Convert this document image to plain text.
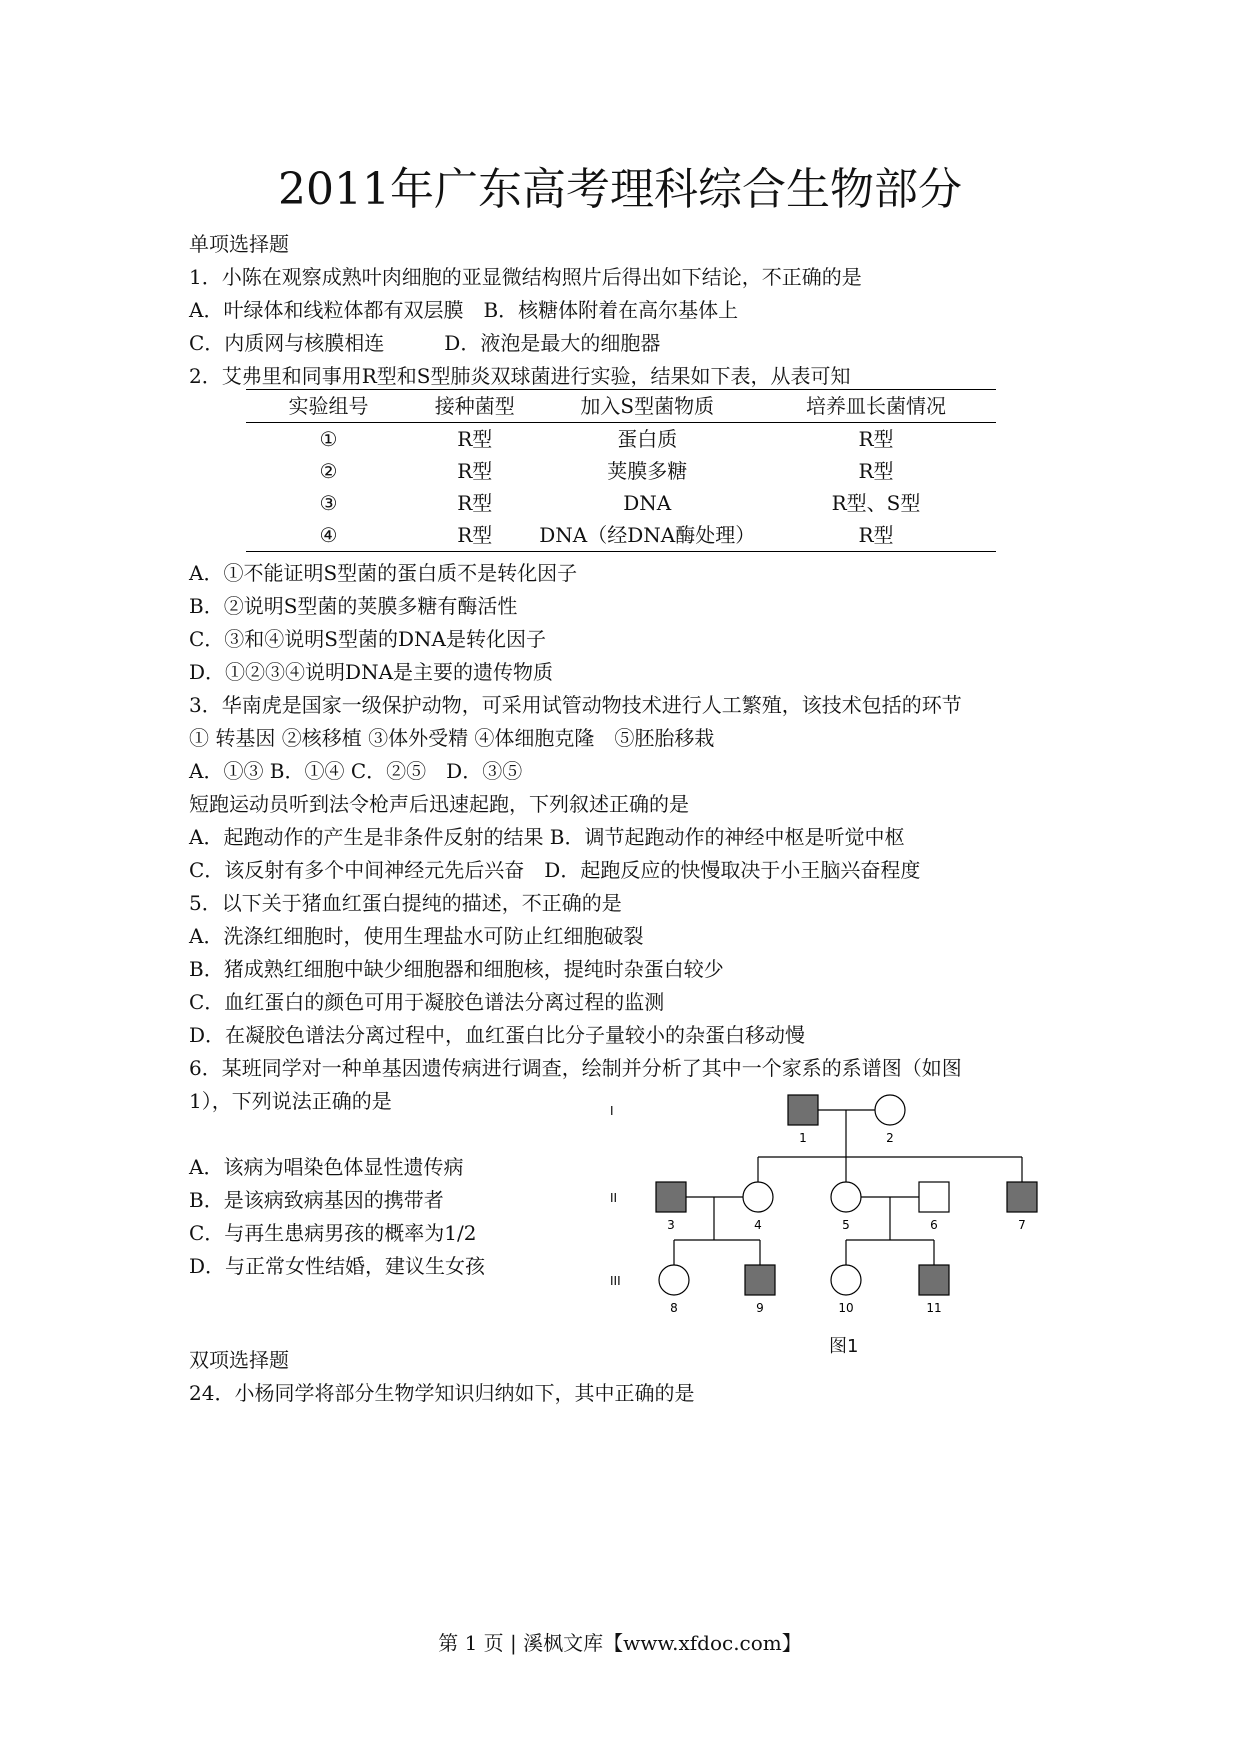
2011年广东高考理科综合生物部分
单项选择题
1．小陈在观察成熟叶肉细胞的亚显微结构照片后得出如下结论，不正确的是
A．叶绿体和线粒体都有双层膜　B．核糖体附着在高尔基体上
C．内质网与核膜相连　　　D．液泡是最大的细胞器
2．艾弗里和同事用R型和S型肺炎双球菌进行实验，结果如下表，从表可知
实验组号	接种菌型	加入S型菌物质	培养皿长菌情况
①	R型	蛋白质	R型
②	R型	荚膜多糖	R型
③	R型	DNA	R型、S型
④	R型	DNA（经DNA酶处理）	R型
A．①不能证明S型菌的蛋白质不是转化因子
B．②说明S型菌的荚膜多糖有酶活性
C．③和④说明S型菌的DNA是转化因子
D．①②③④说明DNA是主要的遗传物质
3．华南虎是国家一级保护动物，可采用试管动物技术进行人工繁殖，该技术包括的环节
① 转基因 ②核移植 ③体外受精 ④体细胞克隆　⑤胚胎移栽
A．①③ B．①④ C．②⑤　D．③⑤
短跑运动员听到法令枪声后迅速起跑，下列叙述正确的是
A．起跑动作的产生是非条件反射的结果 B．调节起跑动作的神经中枢是听觉中枢
C．该反射有多个中间神经元先后兴奋　D．起跑反应的快慢取决于小王脑兴奋程度
5．以下关于猪血红蛋白提纯的描述，不正确的是
A．洗涤红细胞时，使用生理盐水可防止红细胞破裂
B．猪成熟红细胞中缺少细胞器和细胞核，提纯时杂蛋白较少
C．血红蛋白的颜色可用于凝胶色谱法分离过程的监测
D．在凝胶色谱法分离过程中，血红蛋白比分子量较小的杂蛋白移动慢
6．某班同学对一种单基因遗传病进行调查，绘制并分析了其中一个家系的系谱图（如图
1），下列说法正确的是
A．该病为唱染色体显性遗传病
B．是该病致病基因的携带者
C．与再生患病男孩的概率为1/2
D．与正常女性结婚，建议生女孩
I
II
III
1	2
3	4	5	6	7
8	9	10	11
图1
双项选择题
24．小杨同学将部分生物学知识归纳如下，其中正确的是
第 1 页 | 溪枫文库【www.xfdoc.com】
